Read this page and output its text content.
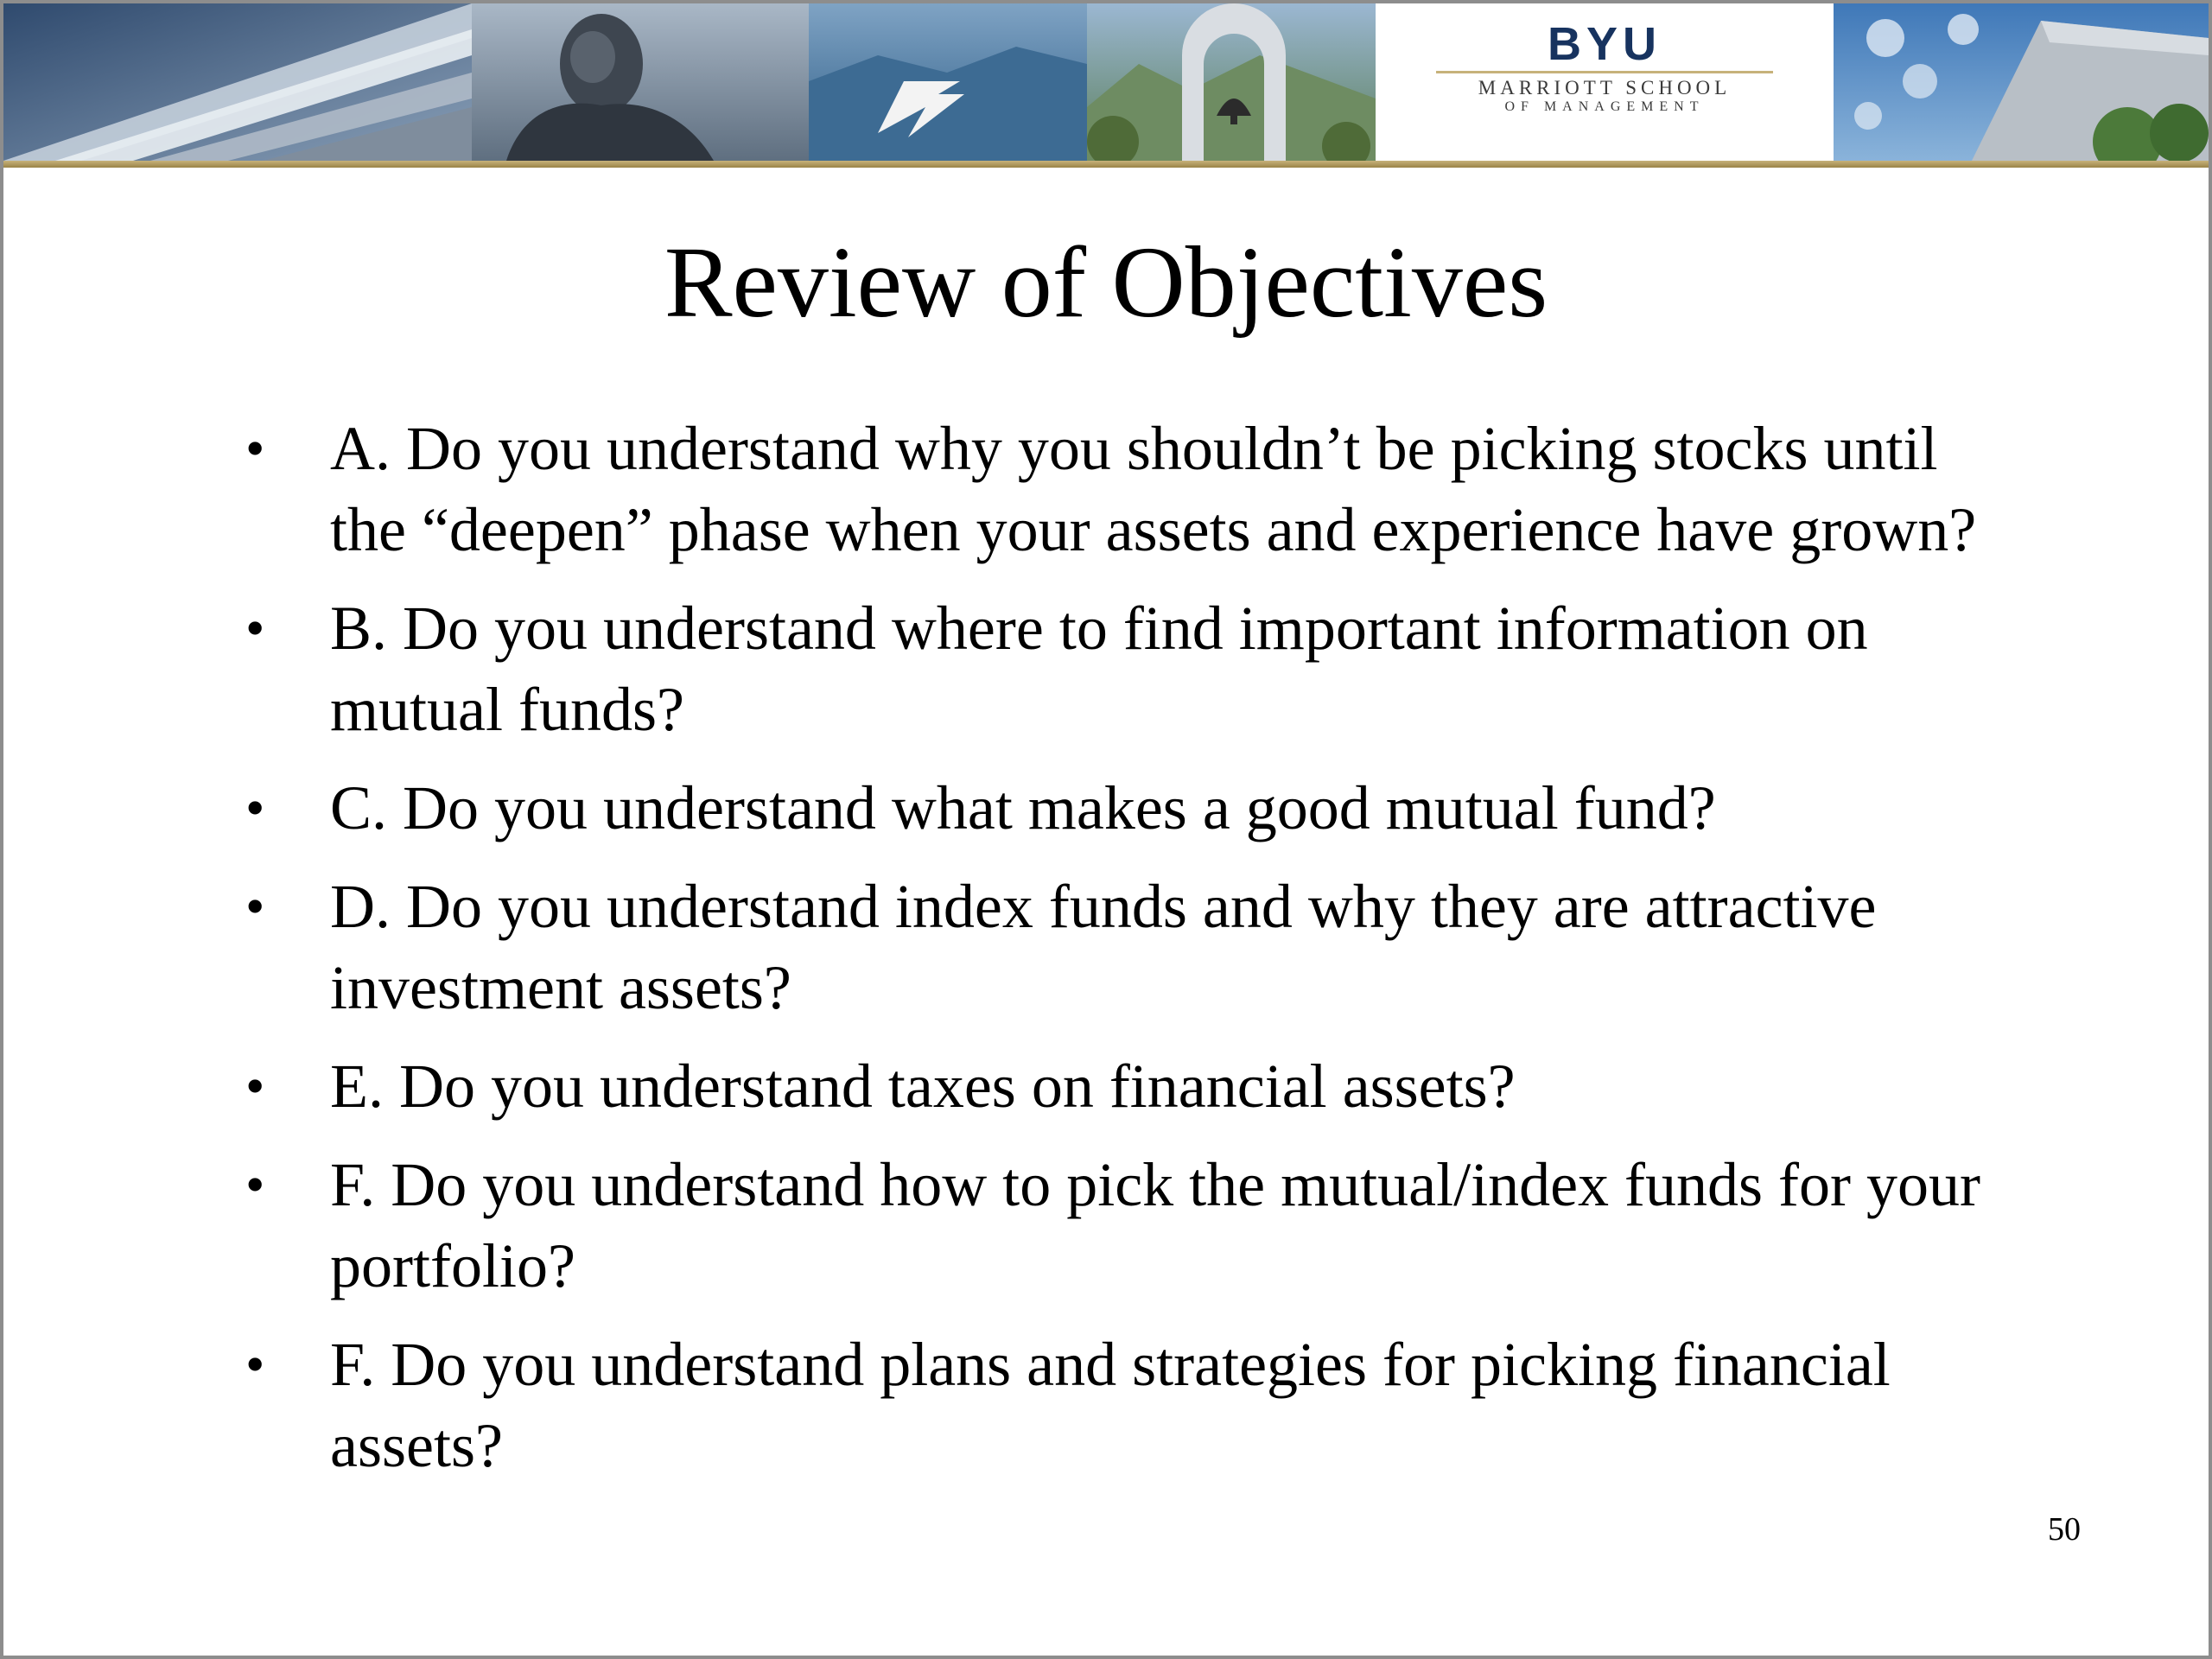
BYU
MARRIOTT SCHOOL
OF MANAGEMENT
Review of Objectives
• A. Do you understand why you shouldn’t be picking stocks until the “deepen” phase when your assets and experience have grown?
• B. Do you understand where to find important information on mutual funds?
• C. Do you understand what makes a good mutual fund?
• D. Do you understand index funds and why they are attractive investment assets?
• E. Do you understand taxes on financial assets?
• F. Do you understand how to pick the mutual/index funds for your portfolio?
• F. Do you understand plans and strategies for picking financial assets?
50
